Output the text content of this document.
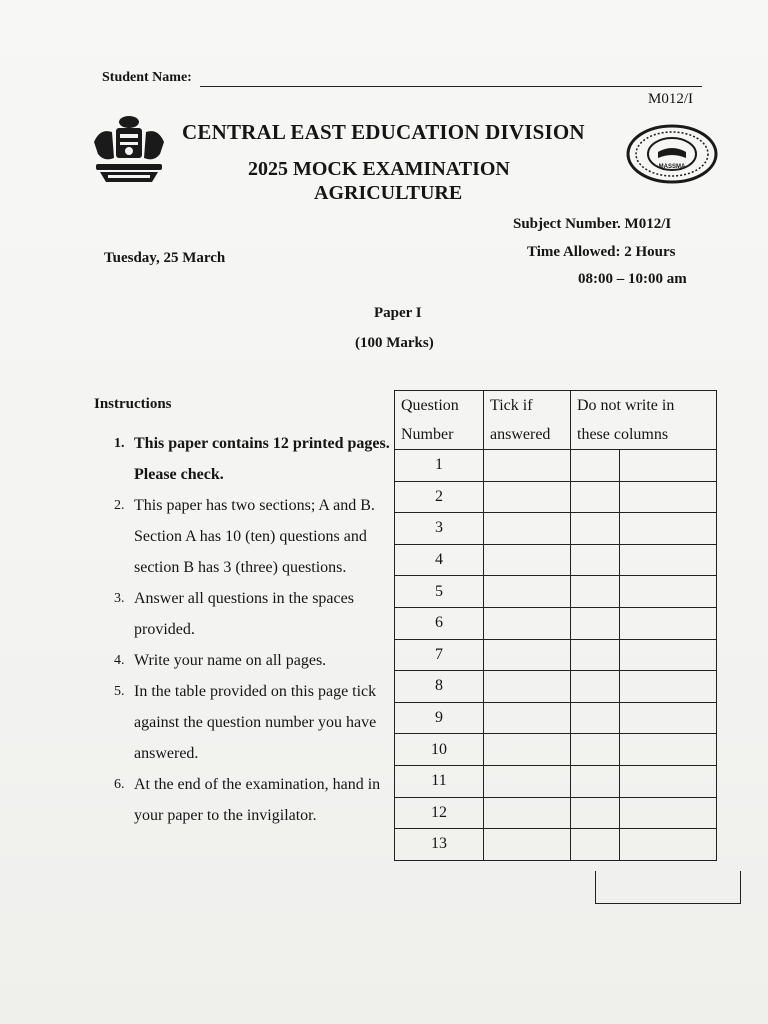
Student Name:
M012/I
CENTRAL EAST EDUCATION DIVISION
MASSMA
2025 MOCK EXAMINATION
AGRICULTURE
Subject Number. M012/I
Time Allowed: 2 Hours
08:00 – 10:00 am
Tuesday, 25 March
Paper I
(100 Marks)
Instructions
1. This paper contains 12 printed pages. Please check.
2. This paper has two sections; A and B. Section A has 10 (ten) questions and section B has 3 (three) questions.
3. Answer all questions in the spaces provided.
4. Write your name on all pages.
5. In the table provided on this page tick against the question number you have answered.
6. At the end of the examination, hand in your paper to the invigilator.
Question Number	Tick if answered	Do not write in these columns	
1			
2			
3			
4			
5			
6			
7			
8			
9			
10			
11			
12			
13			
